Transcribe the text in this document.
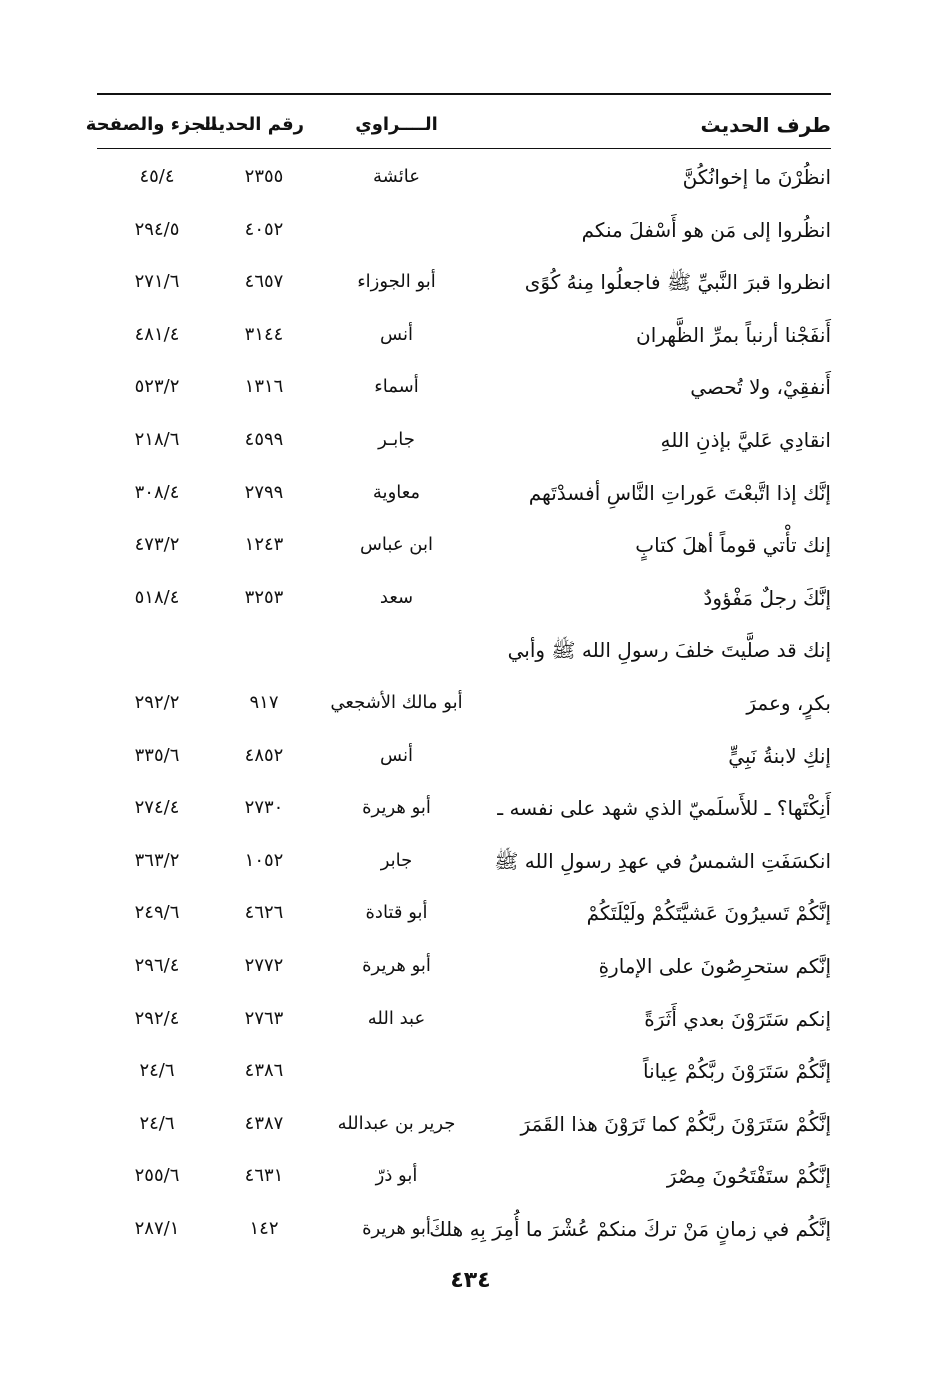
طرف الحديث
الــــراوي
رقم الحديث
الجزء والصفحة
انظُرْنَ ما إخوانُكُنَّ
عائشة
٢٣٥٥
٤٥/٤
انظُروا إلى مَن هو أَسْفلَ منكم
٤٠٥٢
٢٩٤/٥
انظروا قبرَ النَّبيِّ ﷺ فاجعلُوا مِنهُ كُوًى
أبو الجوزاء
٤٦٥٧
٢٧١/٦
أَنفَجْنا أرنباً بمرِّ الظَّهران
أنس
٣١٤٤
٤٨١/٤
أَنفقِيْ، ولا تُحصي
أسماء
١٣١٦
٥٢٣/٢
انقادِي عَليَّ بإذنِ اللهِ
جابـر
٤٥٩٩
٢١٨/٦
إنَّك إذا اتَّبعْتَ عَوراتِ النَّاسِ أفسدْتَهم
معاوية
٢٧٩٩
٣٠٨/٤
إنك تأْتي قوماً أهلَ كتابٍ
ابن عباس
١٢٤٣
٤٧٣/٢
إنَّكَ رجلٌ مَفْؤودٌ
سعد
٣٢٥٣
٥١٨/٤
إنك قد صلَّيتَ خلفَ رسولِ الله ﷺ وأبي
بكرٍ، وعمرَ
أبو مالك الأشجعي
٩١٧
٢٩٢/٢
إنكِ لابنةُ نَبِيٍّ
أنس
٤٨٥٢
٣٣٥/٦
أَنِكْتَها؟ ـ للأَسلَميّ الذي شهد على نفسه ـ
أبو هريرة
٢٧٣٠
٢٧٤/٤
انكسَفَتِ الشمسُ في عهدِ رسولِ الله ﷺ
جابر
١٠٥٢
٣٦٣/٢
إنَّكُمْ تَسيرُونَ عَشيَّتَكُمْ ولَيْلَتَكُمْ
أبو قتادة
٤٦٢٦
٢٤٩/٦
إنَّكم ستحرِصُونَ على الإمارةِ
أبو هريرة
٢٧٧٢
٢٩٦/٤
إنكم سَتَرَوْنَ بعدي أَثَرَةً
عبد الله
٢٧٦٣
٢٩٢/٤
إنَّكُمْ سَتَرَوْنَ ربَّكُمْ عِياناً
٤٣٨٦
٢٤/٦
إنَّكُمْ سَتَرَوْنَ ربَّكُمْ كما تَرَوْنَ هذا القَمَرَ
جرير بن عبدالله
٤٣٨٧
٢٤/٦
إنَّكُمْ ستَفْتَحُونَ مِصْرَ
أبو ذرّ
٤٦٣١
٢٥٥/٦
إنَّكُم في زمانٍ مَنْ تركَ منكمْ عُشْرَ ما أُمِرَ بِهِ هلكَ
أبو هريرة
١٤٢
٢٨٧/١
٤٣٤
